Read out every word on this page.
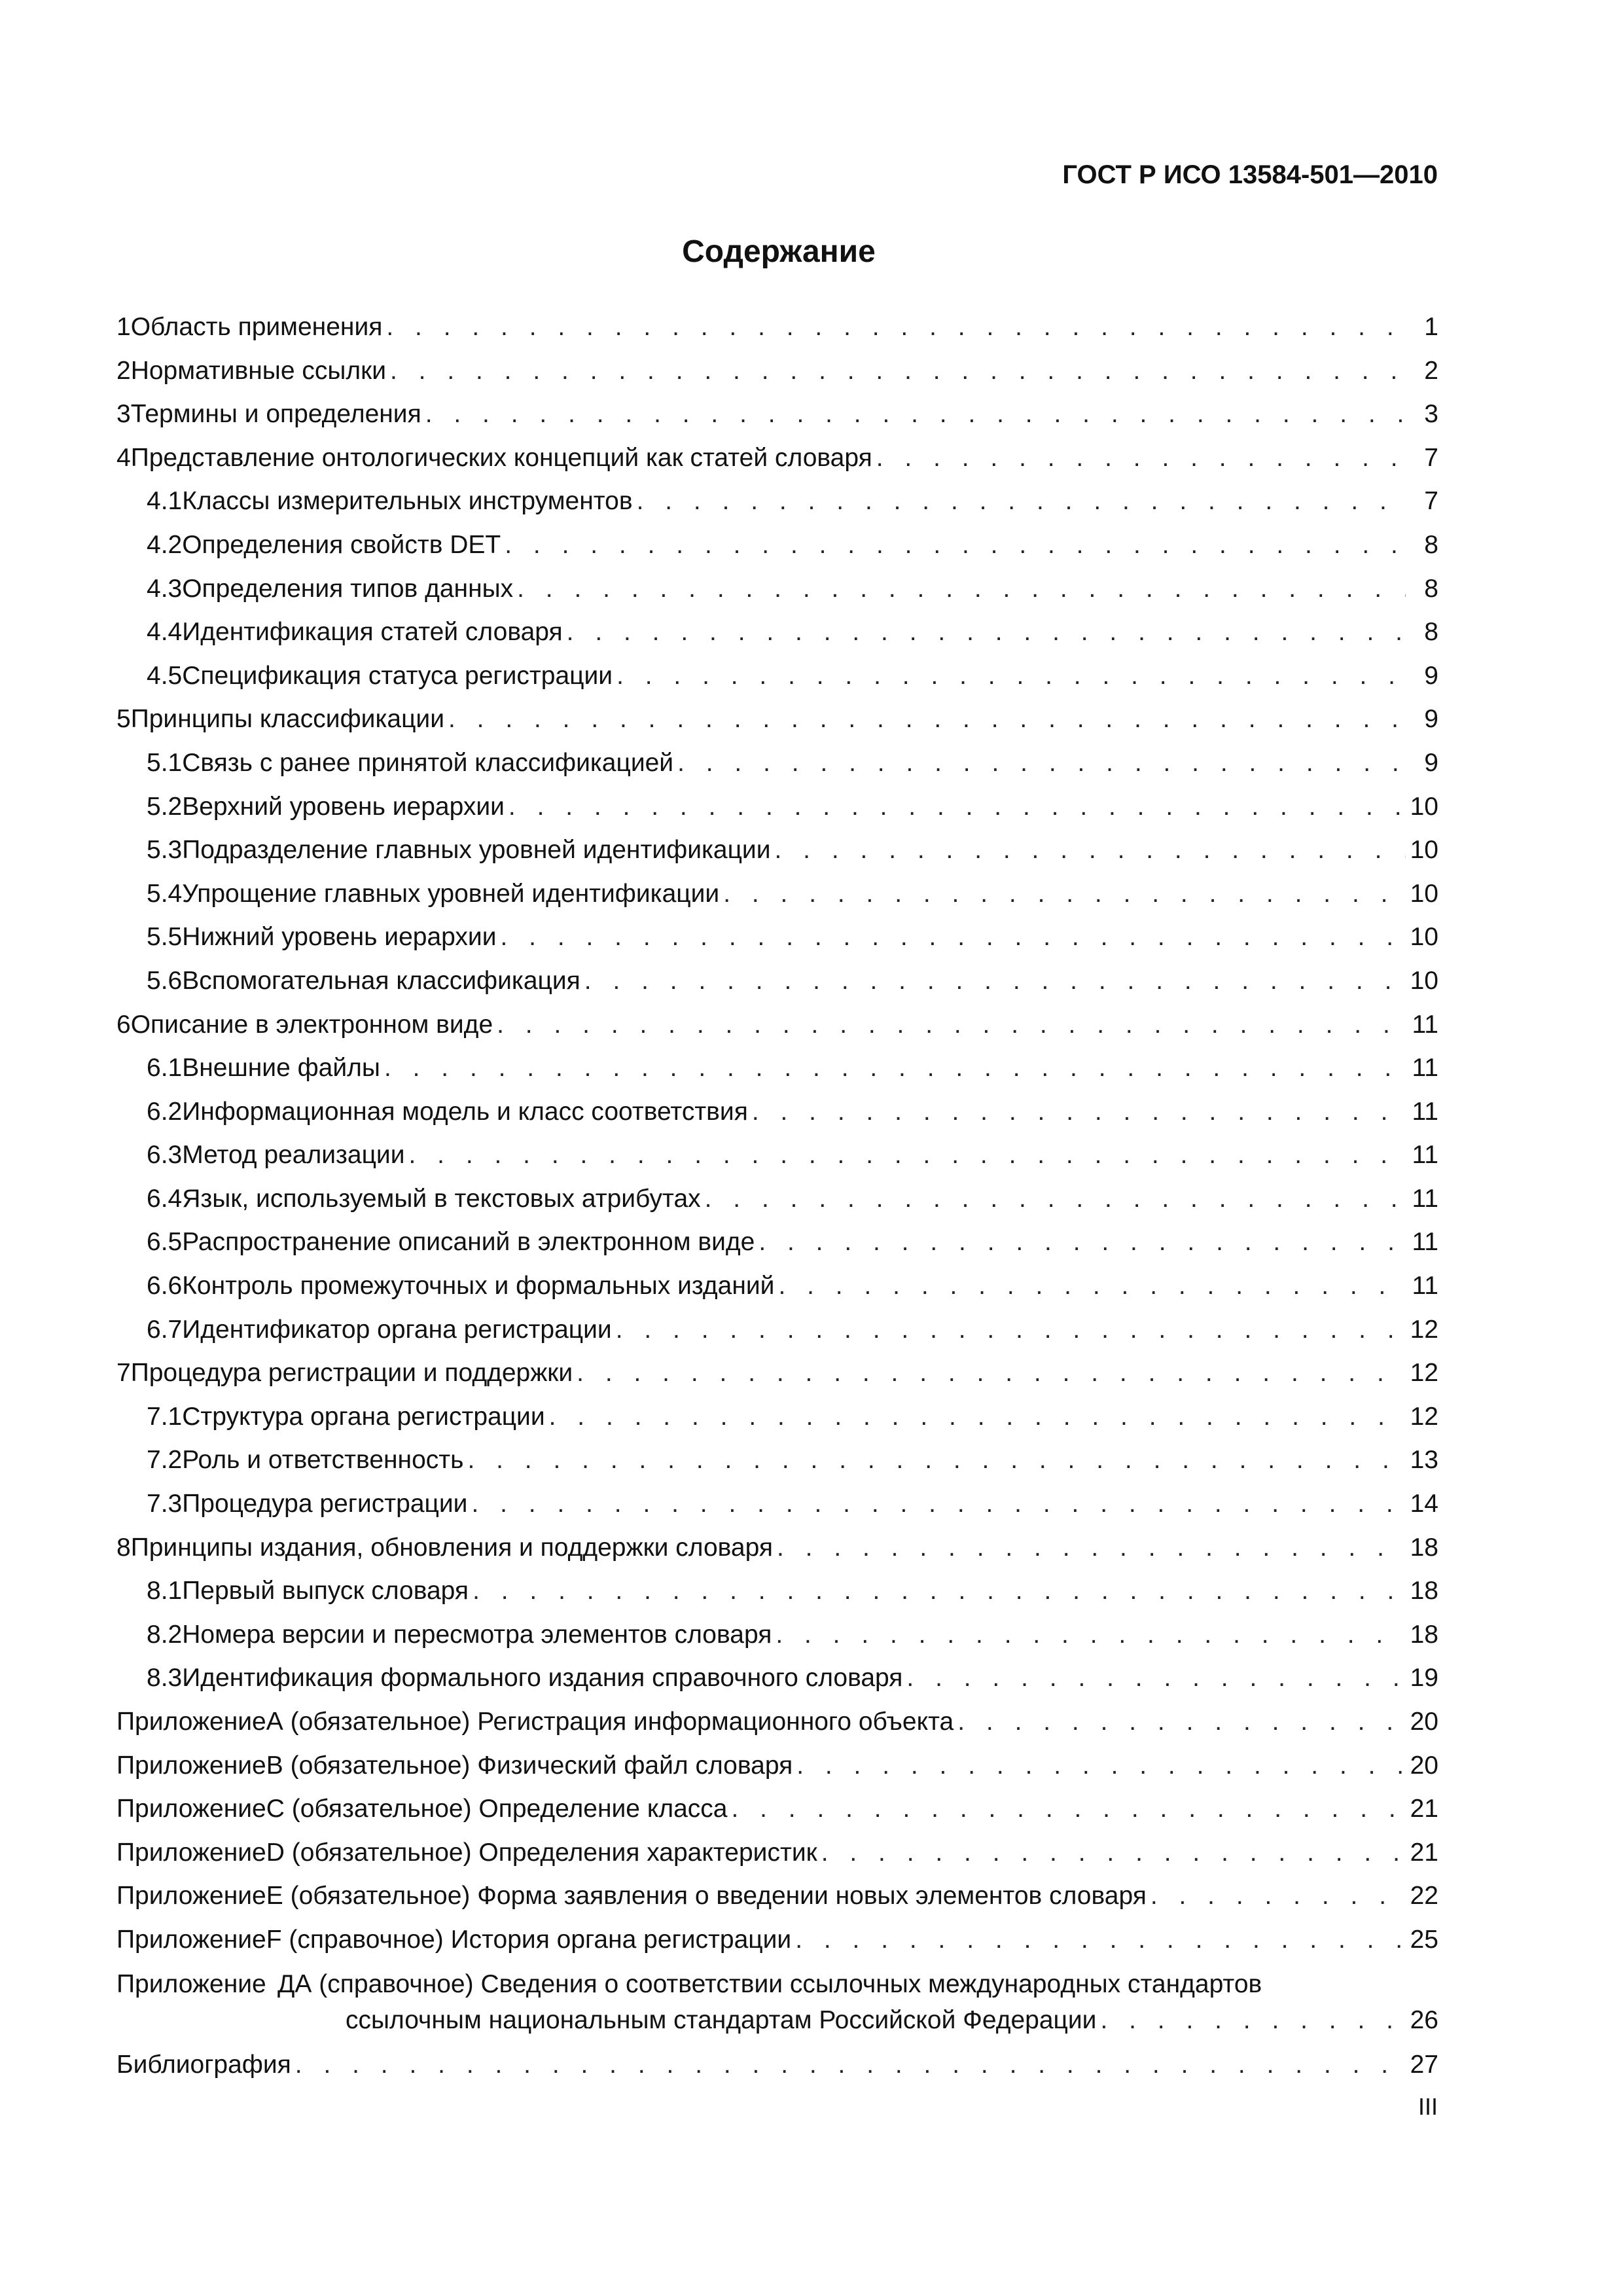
ГОСТ Р ИСО 13584-501—2010
Содержание
1 Область применения . . .	1
2 Нормативные ссылки . . .	2
3 Термины и определения . . .	3
4 Представление онтологических концепций как статей словаря . . .	7
4.1 Классы измерительных инструментов . . .	7
4.2 Определения свойств DET . . .	8
4.3 Определения типов данных . . .	8
4.4 Идентификация статей словаря . . .	8
4.5 Спецификация статуса регистрации . . .	9
5 Принципы классификации . . .	9
5.1 Связь с ранее принятой классификацией . . .	9
5.2 Верхний уровень иерархии . . .	10
5.3 Подразделение главных уровней идентификации . . .	10
5.4 Упрощение главных уровней идентификации . . .	10
5.5 Нижний уровень иерархии . . .	10
5.6 Вспомогательная классификация . . .	10
6 Описание в электронном виде . . .	11
6.1 Внешние файлы . . .	11
6.2 Информационная модель и класс соответствия . . .	11
6.3 Метод реализации . . .	11
6.4 Язык, используемый в текстовых атрибутах . . .	11
6.5 Распространение описаний в электронном виде . . .	11
6.6 Контроль промежуточных и формальных изданий . . .	11
6.7 Идентификатор органа регистрации . . .	12
7 Процедура регистрации и поддержки . . .	12
7.1 Структура органа регистрации . . .	12
7.2 Роль и ответственность . . .	13
7.3 Процедура регистрации . . .	14
8 Принципы издания, обновления и поддержки словаря . . .	18
8.1 Первый выпуск словаря . . .	18
8.2 Номера версии и пересмотра элементов словаря . . .	18
8.3 Идентификация формального издания справочного словаря . . .	19
Приложение A (обязательное) Регистрация информационного объекта . . .	20
Приложение B (обязательное) Физический файл словаря . . .	20
Приложение C (обязательное) Определение класса . . .	21
Приложение D (обязательное) Определения характеристик . . .	21
Приложение E (обязательное) Форма заявления о введении новых элементов словаря . . .	22
Приложение F (справочное) История органа регистрации . . .	25
Приложение ДА (справочное) Сведения о соответствии ссылочных международных стандартов
ссылочным национальным стандартам Российской Федерации . . .	26
Библиография . . .	27
III
